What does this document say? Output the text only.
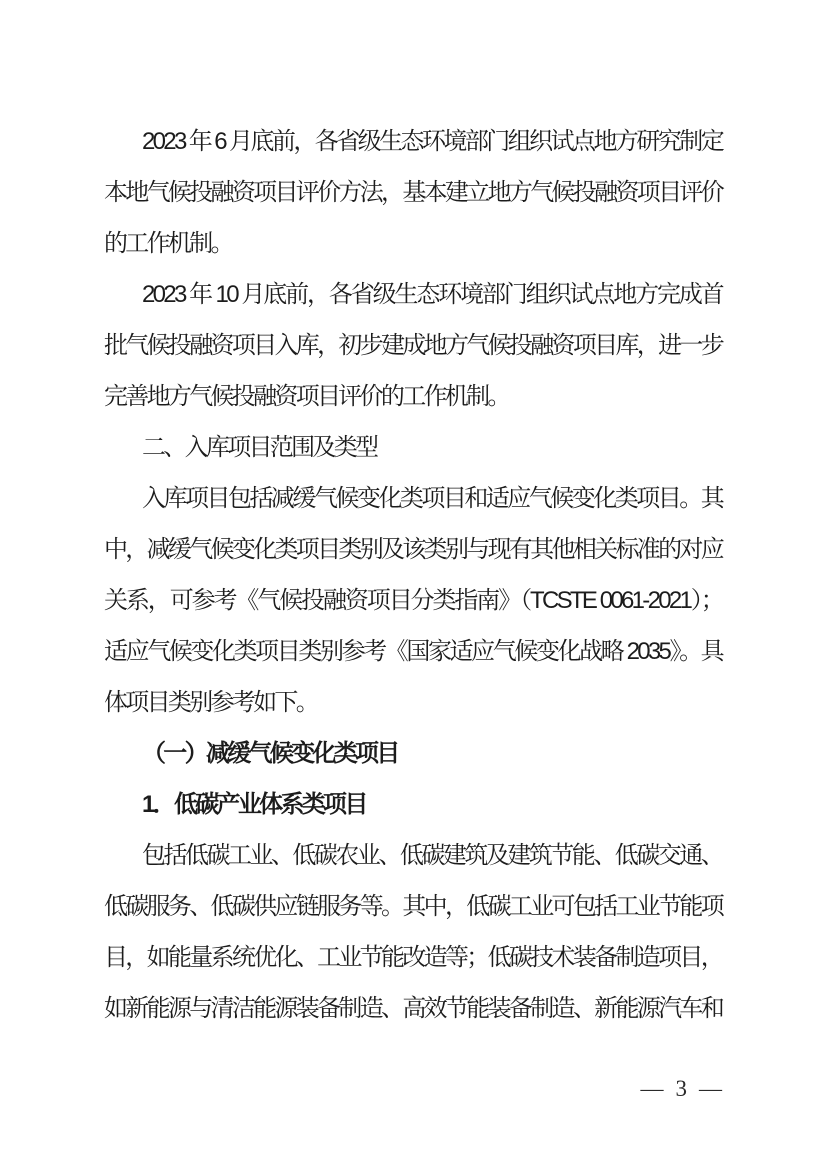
2023 年 6 月底前，各省级生态环境部门组织试点地方研究制定

本地气候投融资项目评价方法，基本建立地方气候投融资项目评价

的工作机制。

2023 年 10 月底前，各省级生态环境部门组织试点地方完成首

批气候投融资项目入库，初步建成地方气候投融资项目库，进一步

完善地方气候投融资项目评价的工作机制。

二、入库项目范围及类型

入库项目包括减缓气候变化类项目和适应气候变化类项目。其

中，减缓气候变化类项目类别及该类别与现有其他相关标准的对应

关系，可参考《气候投融资项目分类指南》（TCSTE 0061-2021）；

适应气候变化类项目类别参考《国家适应气候变化战略 2035》。具

体项目类别参考如下。

（一）减缓气候变化类项目

1．低碳产业体系类项目

包括低碳工业、低碳农业、低碳建筑及建筑节能、低碳交通、

低碳服务、低碳供应链服务等。其中，低碳工业可包括工业节能项

目，如能量系统优化、工业节能改造等；低碳技术装备制造项目，

如新能源与清洁能源装备制造、高效节能装备制造、新能源汽车和

— 3 —
